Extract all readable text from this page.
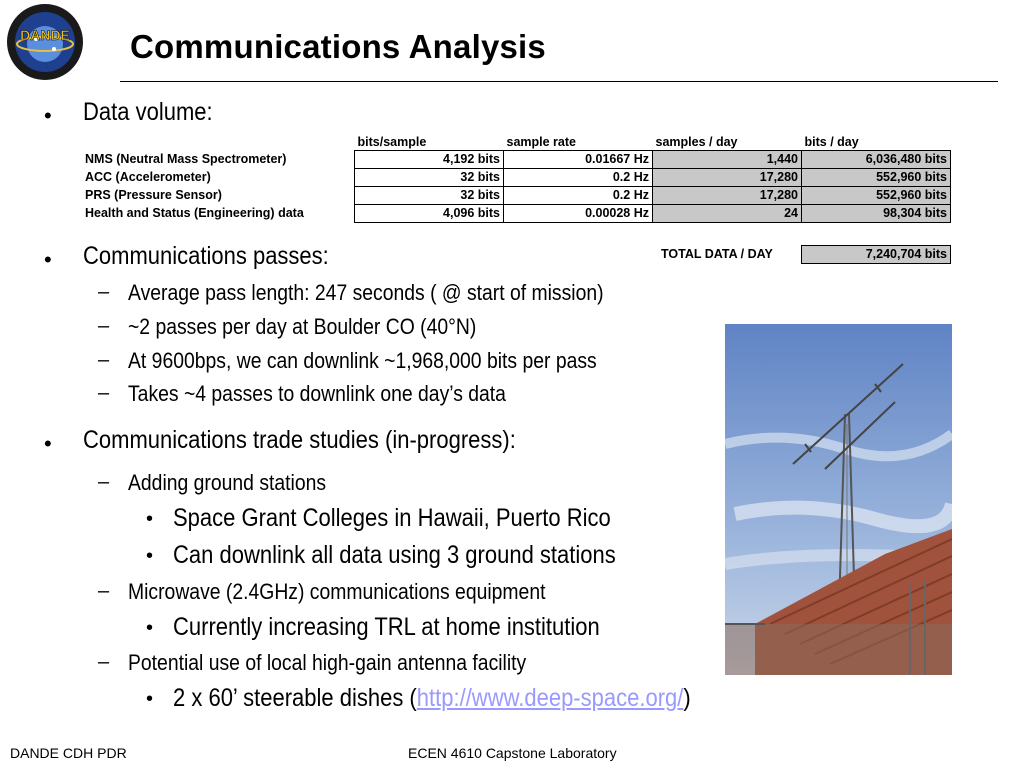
DANDE Communications Analysis
• Data volume:
	bits/sample	sample rate	samples / day	bits / day
NMS (Neutral Mass Spectrometer)	4,192 bits	0.01667 Hz	1,440	6,036,480 bits
ACC (Accelerometer)	32 bits	0.2 Hz	17,280	552,960 bits
PRS (Pressure Sensor)	32 bits	0.2 Hz	17,280	552,960 bits
Health and Status (Engineering) data	4,096 bits	0.00028 Hz	24	98,304 bits
TOTAL DATA / DAY	7,240,704 bits
• Communications passes:
– Average pass length: 247 seconds ( @ start of mission)
– ~2 passes per day at Boulder CO (40°N)
– At 9600bps, we can downlink ~1,968,000 bits per pass
– Takes ~4 passes to downlink one day’s data
• Communications trade studies (in-progress):
– Adding ground stations
• Space Grant Colleges in Hawaii, Puerto Rico
• Can downlink all data using 3 ground stations
– Microwave (2.4GHz) communications equipment
• Currently increasing TRL at home institution
– Potential use of local high-gain antenna facility
• 2 x 60’ steerable dishes (http://www.deep-space.org/)
DANDE CDH PDR	ECEN 4610 Capstone Laboratory
